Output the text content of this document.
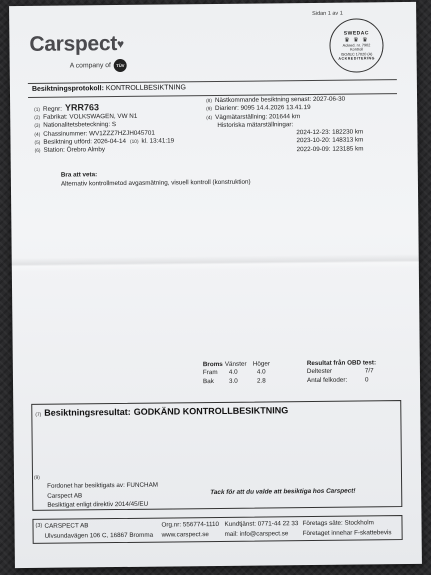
Carspect ♥
A company of	TÜV
Sidan 1 av 1
SWEDAC
♛ ♛ ♛
Ackred. nr. 7902
Kontroll
ISO/IEC 17020 (A)
ACKREDITERING
Besiktningsprotokoll: KONTROLLBESIKTNING
(1) Regnr: YRR763
(2) Fabrikat: VOLKSWAGEN, VW N1
(3) Nationalitetsbeteckning: S
(4) Chassinummer: WV1ZZZ7HZJH045701
(5) Besiktning utförd: 2026-04-14 (10) kl. 13:41:19
(6) Station: Örebro Almby
(8) Nästkommande besiktning senast: 2027-06-30
(9) Diarienr: 9095 14.4.2026 13.41.19
(4) Vägmätarställning: 201644 km
Historiska mätarställningar:
2024-12-23:
182230 km
2023-10-20:
148313 km
2022-09-09:
123185 km
Bra att veta:
Alternativ kontrollmetod avgasmätning, visuell kontroll (konstruktion)
Broms Vänster Höger
Fram	4.0	4.0
Bak	3.0	2.8
Resultat från OBD test:
Deltester	7/7
Antal felkoder:	0
(7) Besiktningsresultat: GODKÄND KONTROLLBESIKTNING
(9)
Fordonet har besiktigats av: FUNCHAM
Carspect AB
Besiktigat enligt direktiv 2014/45/EU
Tack för att du valde att besiktiga hos Carspect!
(3) CARSPECT AB
Ulvsundavägen 106 C, 16867 Bromma
Org.nr: 556774-1110
www.carspect.se
Kundtjänst: 0771-44 22 33
mail: info@carspect.se
Företags säte: Stockholm
Företaget innehar F-skattebevis
